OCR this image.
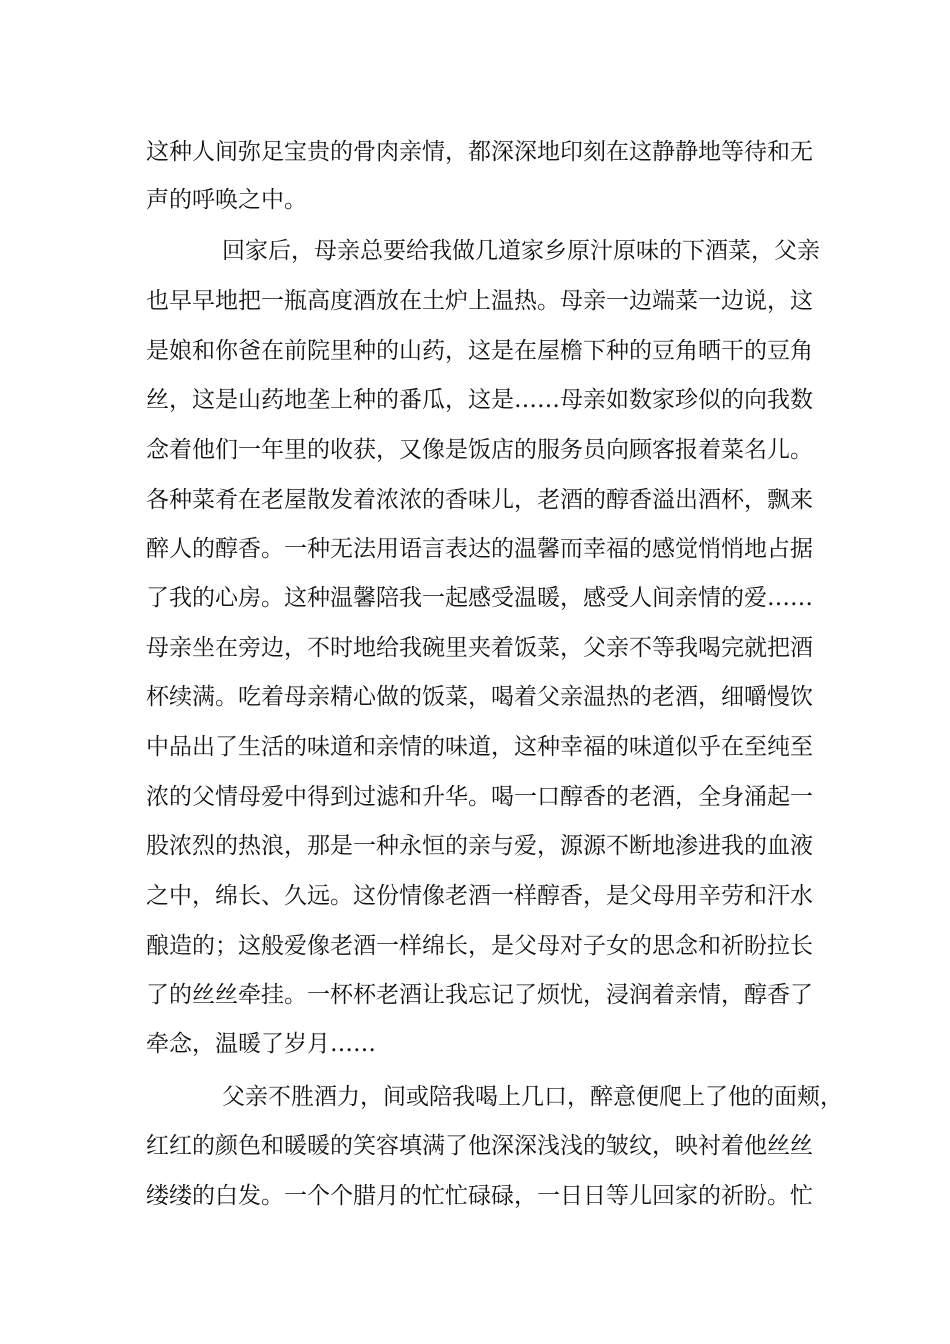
这种人间弥足宝贵的骨肉亲情，都深深地印刻在这静静地等待和无
声的呼唤之中。
回家后，母亲总要给我做几道家乡原汁原味的下酒菜，父亲
也早早地把一瓶高度酒放在土炉上温热。母亲一边端菜一边说，这
是娘和你爸在前院里种的山药，这是在屋檐下种的豆角晒干的豆角
丝，这是山药地垄上种的番瓜，这是……母亲如数家珍似的向我数
念着他们一年里的收获，又像是饭店的服务员向顾客报着菜名儿。
各种菜肴在老屋散发着浓浓的香味儿，老酒的醇香溢出酒杯，飘来
醉人的醇香。一种无法用语言表达的温馨而幸福的感觉悄悄地占据
了我的心房。这种温馨陪我一起感受温暖，感受人间亲情的爱……
母亲坐在旁边，不时地给我碗里夹着饭菜，父亲不等我喝完就把酒
杯续满。吃着母亲精心做的饭菜，喝着父亲温热的老酒，细嚼慢饮
中品出了生活的味道和亲情的味道，这种幸福的味道似乎在至纯至
浓的父情母爱中得到过滤和升华。喝一口醇香的老酒，全身涌起一
股浓烈的热浪，那是一种永恒的亲与爱，源源不断地渗进我的血液
之中，绵长、久远。这份情像老酒一样醇香，是父母用辛劳和汗水
酿造的；这般爱像老酒一样绵长，是父母对子女的思念和祈盼拉长
了的丝丝牵挂。一杯杯老酒让我忘记了烦忧，浸润着亲情，醇香了
牵念，温暖了岁月……
父亲不胜酒力，间或陪我喝上几口，醉意便爬上了他的面颊，
红红的颜色和暖暖的笑容填满了他深深浅浅的皱纹，映衬着他丝丝
缕缕的白发。一个个腊月的忙忙碌碌，一日日等儿回家的祈盼。忙
